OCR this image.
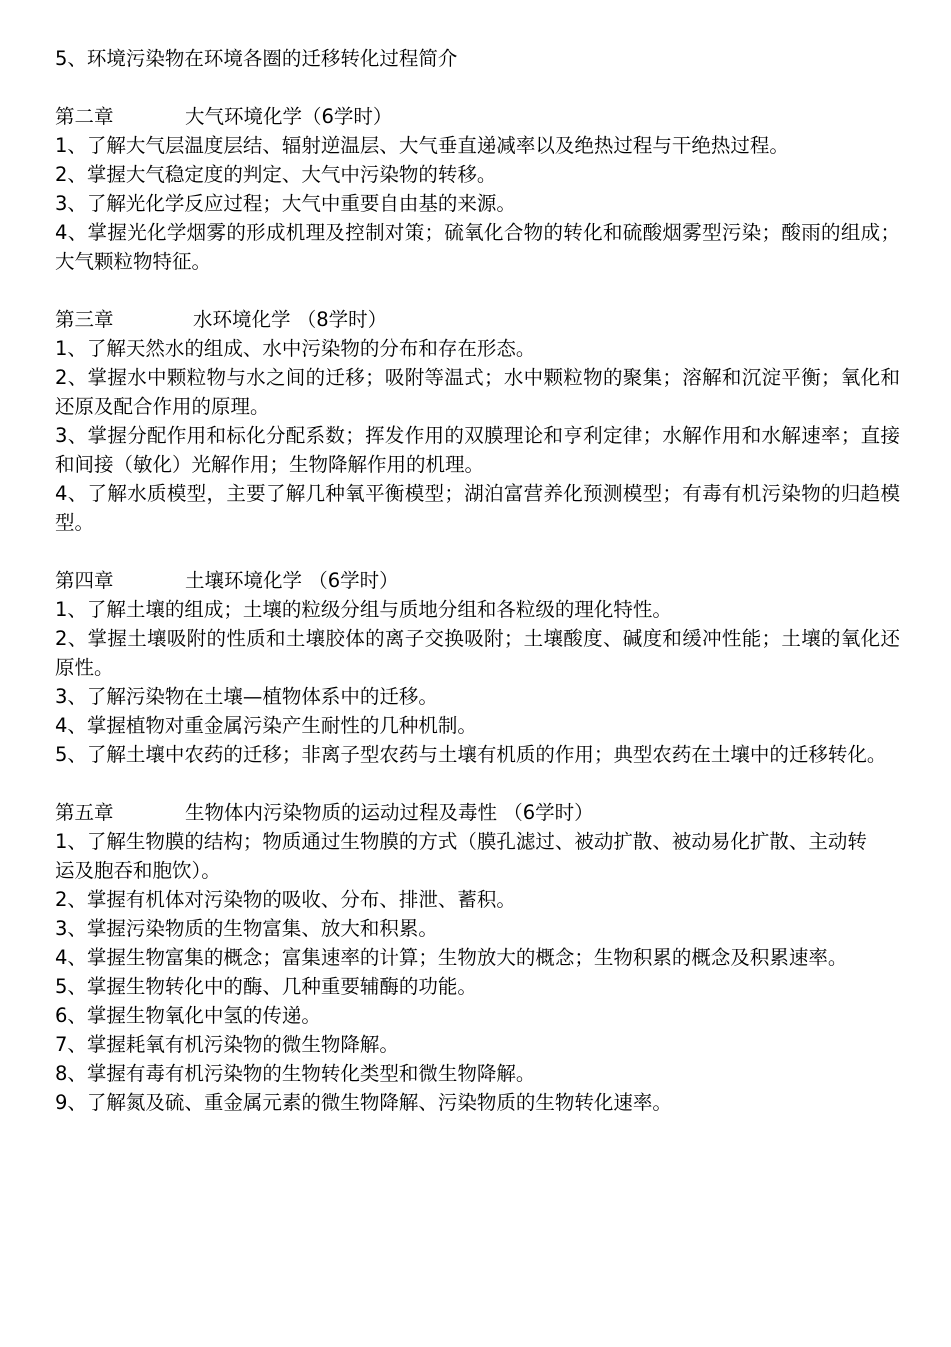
5、环境污染物在环境各圈的迁移转化过程简介

第二章	大气环境化学（6学时）

1、了解大气层温度层结、辐射逆温层、大气垂直递减率以及绝热过程与干绝热过程。

2、掌握大气稳定度的判定、大气中污染物的转移。

3、了解光化学反应过程；大气中重要自由基的来源。

4、掌握光化学烟雾的形成机理及控制对策；硫氧化合物的转化和硫酸烟雾型污染；酸雨的组成；大气颗粒物特征。

第三章	水环境化学 （8学时）

1、了解天然水的组成、水中污染物的分布和存在形态。

2、掌握水中颗粒物与水之间的迁移；吸附等温式；水中颗粒物的聚集；溶解和沉淀平衡；氧化和还原及配合作用的原理。

3、掌握分配作用和标化分配系数；挥发作用的双膜理论和亨利定律；水解作用和水解速率；直接和间接（敏化）光解作用；生物降解作用的机理。

4、了解水质模型，主要了解几种氧平衡模型；湖泊富营养化预测模型；有毒有机污染物的归趋模型。

第四章	土壤环境化学 （6学时）

1、了解土壤的组成；土壤的粒级分组与质地分组和各粒级的理化特性。

2、掌握土壤吸附的性质和土壤胶体的离子交换吸附；土壤酸度、碱度和缓冲性能；土壤的氧化还原性。

3、了解污染物在土壤—植物体系中的迁移。

4、掌握植物对重金属污染产生耐性的几种机制。

5、了解土壤中农药的迁移；非离子型农药与土壤有机质的作用；典型农药在土壤中的迁移转化。

第五章	生物体内污染物质的运动过程及毒性 （6学时）

1、了解生物膜的结构；物质通过生物膜的方式（膜孔滤过、被动扩散、被动易化扩散、主动转运及胞吞和胞饮）。

2、掌握有机体对污染物的吸收、分布、排泄、蓄积。

3、掌握污染物质的生物富集、放大和积累。

4、掌握生物富集的概念；富集速率的计算；生物放大的概念；生物积累的概念及积累速率。

5、掌握生物转化中的酶、几种重要辅酶的功能。

6、掌握生物氧化中氢的传递。

7、掌握耗氧有机污染物的微生物降解。

8、掌握有毒有机污染物的生物转化类型和微生物降解。

9、了解氮及硫、重金属元素的微生物降解、污染物质的生物转化速率。
